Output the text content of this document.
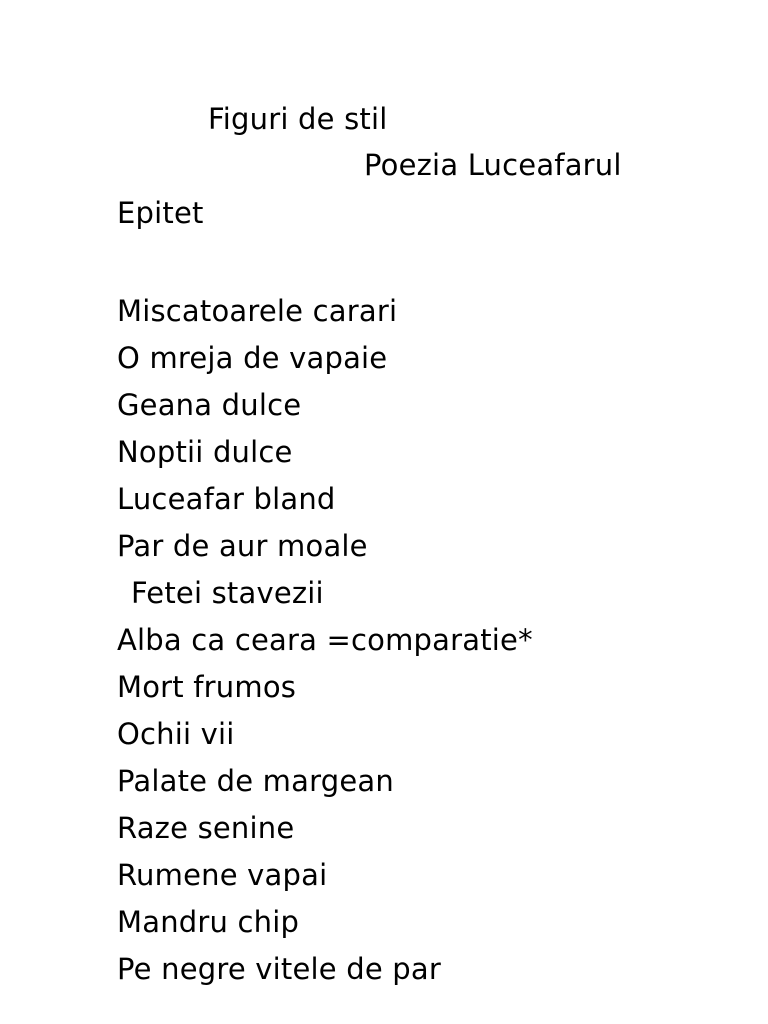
Figuri de stil
Poezia Luceafarul
Epitet
Miscatoarele carari
O mreja de vapaie
Geana dulce
Noptii dulce
Luceafar bland
Par de aur moale
Fetei stavezii
Alba ca ceara =comparatie*
Mort frumos
Ochii vii
Palate de margean
Raze senine
Rumene vapai
Mandru chip
Pe negre vitele de par
